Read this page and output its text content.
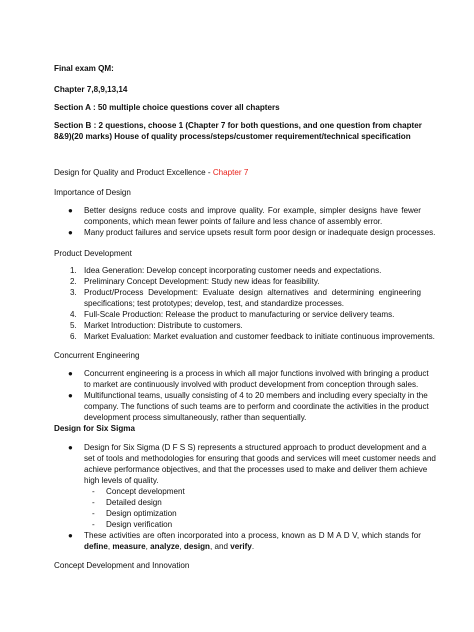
Final exam QM:
Chapter 7,8,9,13,14
Section A : 50 multiple choice questions cover all chapters
Section B : 2 questions, choose 1 (Chapter 7 for both questions, and one question from chapter
8&9)(20 marks) House of quality process/steps/customer requirement/technical specification
Design for Quality and Product Excellence - Chapter 7
Importance of Design
● Better designs reduce costs and improve quality. For example, simpler designs have fewer
components, which mean fewer points of failure and less chance of assembly error.
● Many product failures and service upsets result form poor design or inadequate design processes.
Product Development
1. Idea Generation: Develop concept incorporating customer needs and expectations.
2. Preliminary Concept Development: Study new ideas for feasibility.
3. Product/Process Development: Evaluate design alternatives and determining engineering
specifications; test prototypes; develop, test, and standardize processes.
4. Full-Scale Production: Release the product to manufacturing or service delivery teams.
5. Market Introduction: Distribute to customers.
6. Market Evaluation: Market evaluation and customer feedback to initiate continuous improvements.
Concurrent Engineering
● Concurrent engineering is a process in which all major functions involved with bringing a product
to market are continuously involved with product development from conception through sales.
● Multifunctional teams, usually consisting of 4 to 20 members and including every specialty in the
company. The functions of such teams are to perform and coordinate the activities in the product
development process simultaneously, rather than sequentially.
Design for Six Sigma
● Design for Six Sigma (D F S S) represents a structured approach to product development and a
set of tools and methodologies for ensuring that goods and services will meet customer needs and
achieve performance objectives, and that the processes used to make and deliver them achieve
high levels of quality.
- Concept development
- Detailed design
- Design optimization
- Design verification
● These activities are often incorporated into a process, known as D M A D V, which stands for
define, measure, analyze, design, and verify.
Concept Development and Innovation
